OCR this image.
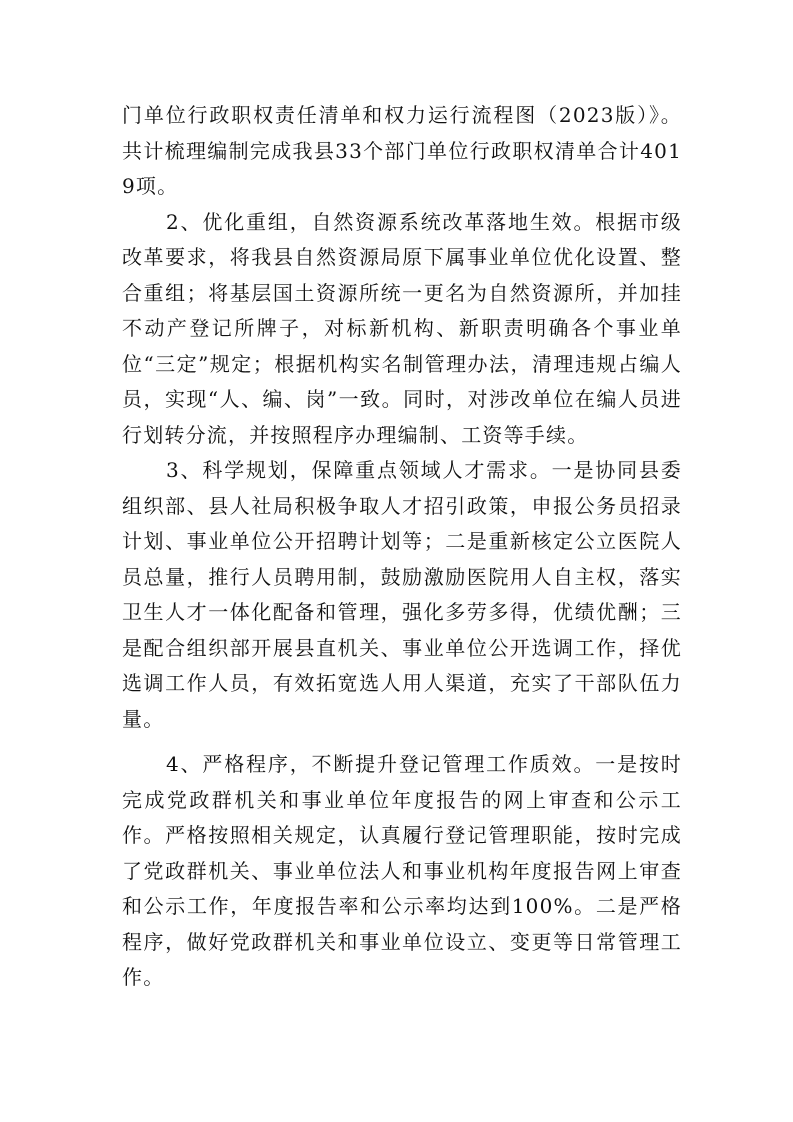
门单位行政职权责任清单和权力运行流程图（2023版）》。共计梳理编制完成我县33个部门单位行政职权清单合计4019项。

2、优化重组，自然资源系统改革落地生效。根据市级改革要求，将我县自然资源局原下属事业单位优化设置、整合重组；将基层国土资源所统一更名为自然资源所，并加挂不动产登记所牌子，对标新机构、新职责明确各个事业单位“三定”规定；根据机构实名制管理办法，清理违规占编人员，实现“人、编、岗”一致。同时，对涉改单位在编人员进行划转分流，并按照程序办理编制、工资等手续。

3、科学规划，保障重点领域人才需求。一是协同县委组织部、县人社局积极争取人才招引政策，申报公务员招录计划、事业单位公开招聘计划等；二是重新核定公立医院人员总量，推行人员聘用制，鼓励激励医院用人自主权，落实卫生人才一体化配备和管理，强化多劳多得，优绩优酬；三是配合组织部开展县直机关、事业单位公开选调工作，择优选调工作人员，有效拓宽选人用人渠道，充实了干部队伍力量。

4、严格程序，不断提升登记管理工作质效。一是按时完成党政群机关和事业单位年度报告的网上审查和公示工作。严格按照相关规定，认真履行登记管理职能，按时完成了党政群机关、事业单位法人和事业机构年度报告网上审查和公示工作，年度报告率和公示率均达到100%。二是严格程序，做好党政群机关和事业单位设立、变更等日常管理工作。
